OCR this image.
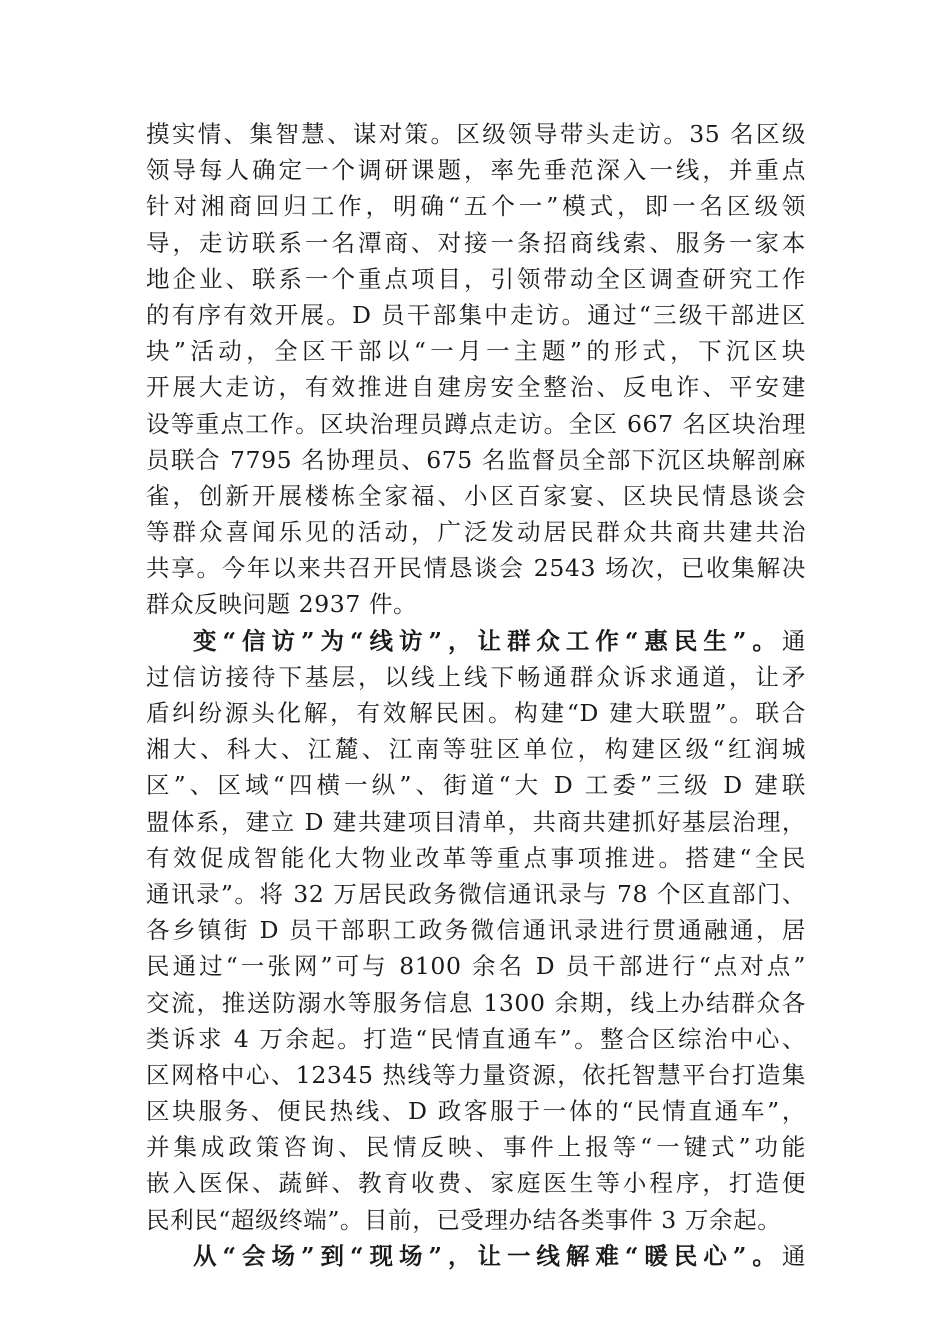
摸实情、集智慧、谋对策。区级领导带头走访。35 名区级
领导每人确定一个调研课题，率先垂范深入一线，并重点
针对湘商回归工作，明确“五个一”模式，即一名区级领
导，走访联系一名潭商、对接一条招商线索、服务一家本
地企业、联系一个重点项目，引领带动全区调查研究工作
的有序有效开展。D 员干部集中走访。通过“三级干部进区
块”活动，全区干部以“一月一主题”的形式，下沉区块
开展大走访，有效推进自建房安全整治、反电诈、平安建
设等重点工作。区块治理员蹲点走访。全区 667 名区块治理
员联合 7795 名协理员、675 名监督员全部下沉区块解剖麻
雀，创新开展楼栋全家福、小区百家宴、区块民情恳谈会
等群众喜闻乐见的活动，广泛发动居民群众共商共建共治
共享。今年以来共召开民情恳谈会 2543 场次，已收集解决
群众反映问题 2937 件。
变“信访”为“线访”，让群众工作“惠民生”。通
过信访接待下基层，以线上线下畅通群众诉求通道，让矛
盾纠纷源头化解，有效解民困。构建“D 建大联盟”。联合
湘大、科大、江麓、江南等驻区单位，构建区级“红润城
区”、区域“四横一纵”、街道“大 D 工委”三级 D 建联
盟体系，建立 D 建共建项目清单，共商共建抓好基层治理，
有效促成智能化大物业改革等重点事项推进。搭建“全民
通讯录”。将 32 万居民政务微信通讯录与 78 个区直部门、
各乡镇街 D 员干部职工政务微信通讯录进行贯通融通，居
民通过“一张网”可与 8100 余名 D 员干部进行“点对点”
交流，推送防溺水等服务信息 1300 余期，线上办结群众各
类诉求 4 万余起。打造“民情直通车”。整合区综治中心、
区网格中心、12345 热线等力量资源，依托智慧平台打造集
区块服务、便民热线、D 政客服于一体的“民情直通车”，
并集成政策咨询、民情反映、事件上报等“一键式”功能
嵌入医保、蔬鲜、教育收费、家庭医生等小程序，打造便
民利民“超级终端”。目前，已受理办结各类事件 3 万余起。
从“会场”到“现场”，让一线解难“暖民心”。通
